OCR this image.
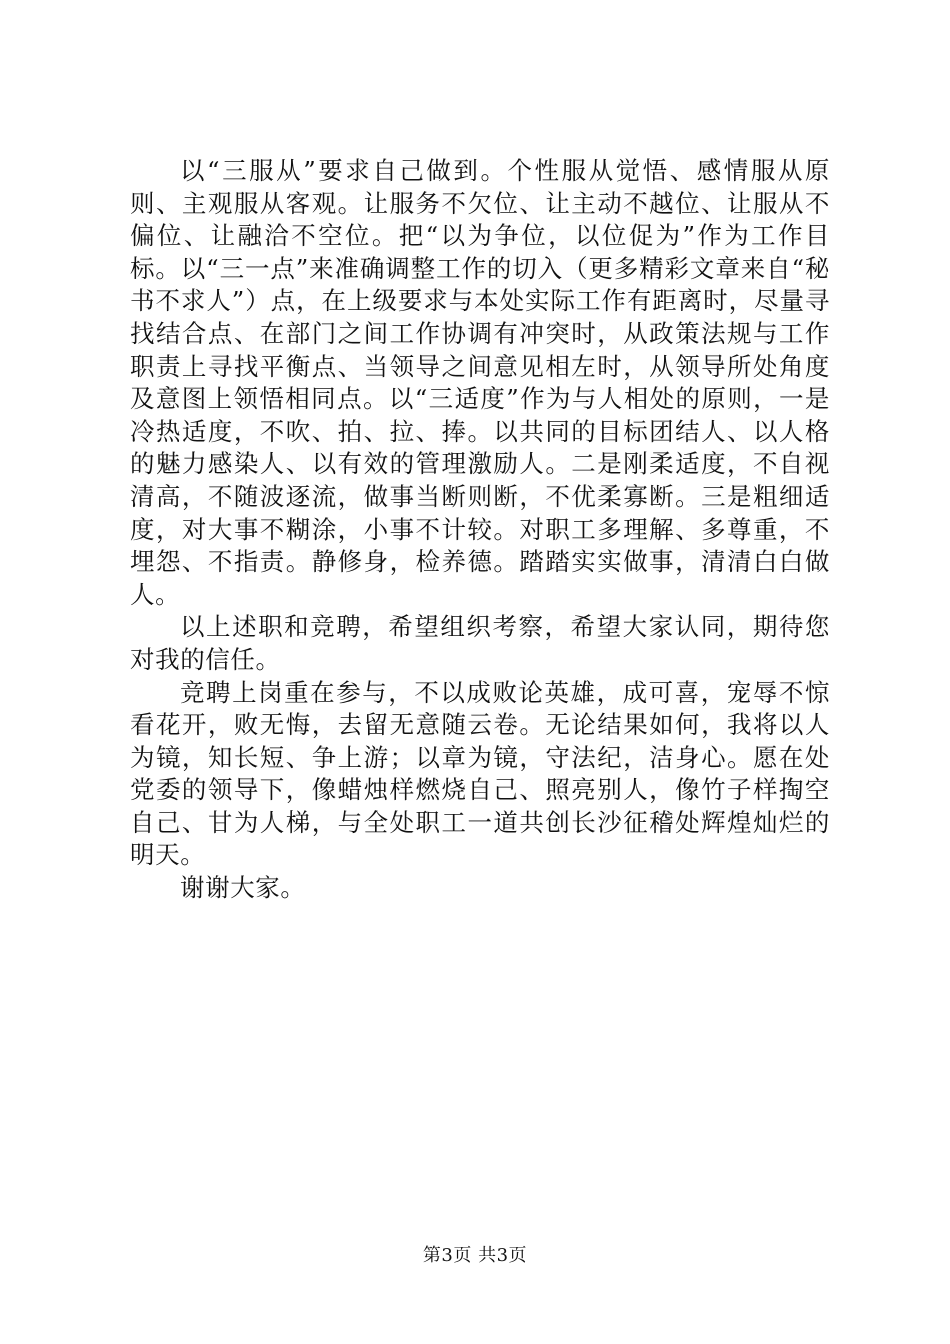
以“三服从”要求自己做到。个性服从觉悟、感情服从原则、主观服从客观。让服务不欠位、让主动不越位、让服从不偏位、让融洽不空位。把“以为争位，以位促为”作为工作目标。以“三一点”来准确调整工作的切入（更多精彩文章来自“秘书不求人”）点，在上级要求与本处实际工作有距离时，尽量寻找结合点、在部门之间工作协调有冲突时，从政策法规与工作职责上寻找平衡点、当领导之间意见相左时，从领导所处角度及意图上领悟相同点。以“三适度”作为与人相处的原则，一是冷热适度，不吹、拍、拉、捧。以共同的目标团结人、以人格的魅力感染人、以有效的管理激励人。二是刚柔适度，不自视清高，不随波逐流，做事当断则断，不优柔寡断。三是粗细适度，对大事不糊涂，小事不计较。对职工多理解、多尊重，不埋怨、不指责。静修身，检养德。踏踏实实做事，清清白白做人。

以上述职和竞聘，希望组织考察，希望大家认同，期待您对我的信任。

竞聘上岗重在参与，不以成败论英雄，成可喜，宠辱不惊看花开，败无悔，去留无意随云卷。无论结果如何，我将以人为镜，知长短、争上游；以章为镜，守法纪，洁身心。愿在处党委的领导下，像蜡烛样燃烧自己、照亮别人，像竹子样掏空自己、甘为人梯，与全处职工一道共创长沙征稽处辉煌灿烂的明天。

谢谢大家。

第3页 共3页
